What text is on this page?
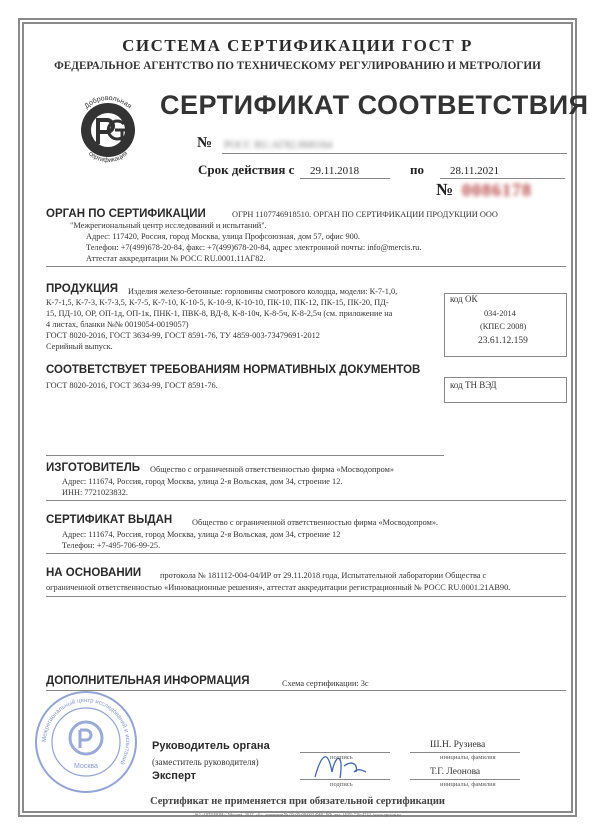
СИСТЕМА СЕРТИФИКАЦИИ ГОСТ Р
ФЕДЕРАЛЬНОЕ АГЕНТСТВО ПО ТЕХНИЧЕСКОМУ РЕГУЛИРОВАНИЮ И МЕТРОЛОГИИ
Добровольная
сертификация
СЕРТИФИКАТ СООТВЕТСТВИЯ
№ РОСС RU.АГ82.Н00164
Срок действия с 29.11.2018	по 28.11.2021
№ 0086178
ОРГАН ПО СЕРТИФИКАЦИИ	ОГРН 1107746918510. ОРГАН ПО СЕРТИФИКАЦИИ ПРОДУКЦИИ ООО
"Межрегиональный центр исследований и испытаний".
Адрес: 117420, Россия, город Москва, улица Профсоюзная, дом 57, офис 900.
Телефон: +7(499)678-20-84, факс: +7(499)678-20-84, адрес электронной почты: info@mercis.ru.
Аттестат аккредитации № РОСС RU.0001.11АГ82.
ПРОДУКЦИЯ Изделия железо-бетонные: горловины смотрового колодца, модели: К-7-1,0,
К-7-1,5, К-7-3, К-7-3,5, К-7-5, К-7-10, К-10-5, К-10-9, К-10-10, ПК-10, ПК-12, ПК-15, ПК-20, ПД-
15, ПД-10, ОР, ОП-1д, ОП-1к, ПНК-1, ПВК-8, ВД-8, К-8-10ч, К-8-5ч, К-8-2,5ч (см. приложение на
4 листах, бланки №№ 0019054-0019057)
ГОСТ 8020-2016, ГОСТ 3634-99, ГОСТ 8591-76, ТУ 4859-003-73479691-2012
Серийный выпуск.
код ОК
034-2014
(КПЕС 2008)
23.61.12.159
СООТВЕТСТВУЕТ ТРЕБОВАНИЯМ НОРМАТИВНЫХ ДОКУМЕНТОВ
ГОСТ 8020-2016, ГОСТ 3634-99, ГОСТ 8591-76.	код ТН ВЭД
ИЗГОТОВИТЕЛЬ Общество с ограниченной ответственностью фирма «Мосводопром»
Адрес: 111674, Россия, город Москва, улица 2-я Вольская, дом 34, строение 12.
ИНН: 7721023832.
СЕРТИФИКАТ ВЫДАН Общество с ограниченной ответственностью фирма «Мосводопром».
Адрес: 111674, Россия, город Москва, улица 2-я Вольская, дом 34, строение 12
Телефон: +7-495-706-99-25.
НА ОСНОВАНИИ протокола № 181112-004-04/ИР от 29.11.2018 года, Испытательной лаборатории Общества с
ограниченной ответственностью «Инновационные решения», аттестат аккредитации регистрационный № РОСС RU.0001.21АВ90.
ДОПОЛНИТЕЛЬНАЯ ИНФОРМАЦИЯ	Схема сертификации: 3с
Межрегиональный центр исследований и испытаний
Москва
Руководитель органа
(заместитель руководителя)
Эксперт
подпись
подпись
Ш.Н. Рузиева
инициалы, фамилия
Т.Г. Леонова
инициалы, фамилия
Сертификат не применяется при обязательной сертификации
АО «ОПЦИОН», Москва, 2017, «Б», лицензия № 05-05-09/003 ФНС РФ, тел. (495) 726-4742, www.opcion.ru
